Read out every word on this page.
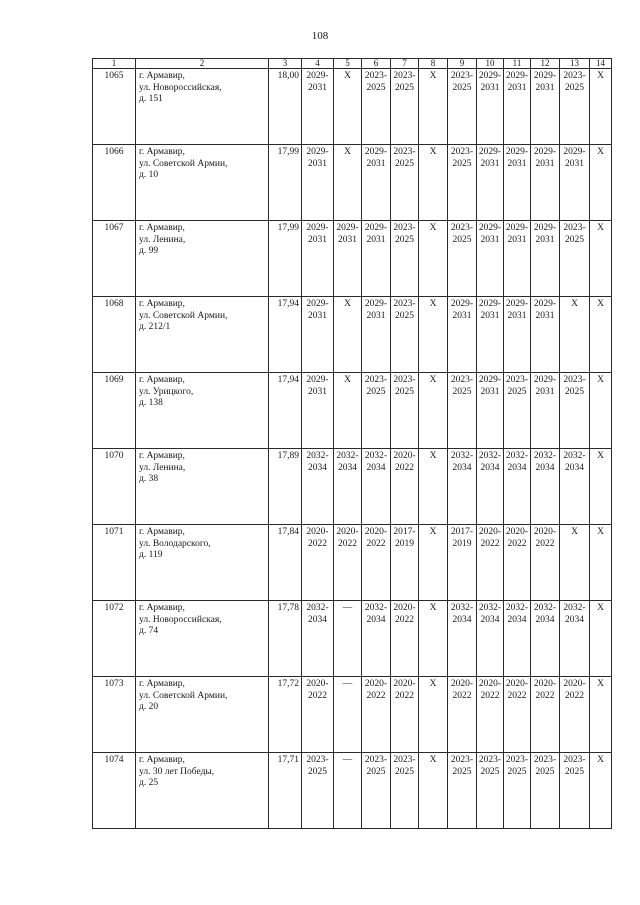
108
1	2	3	4	5	6	7	8	9	10	11	12	13	14
1065	г. Армавир,
ул. Новороссийская,
д. 151	18,00	2029-
2031	X	2023-
2025	2023-
2025	X	2023-
2025	2029-
2031	2029-
2031	2029-
2031	2023-
2025	X
1066	г. Армавир,
ул. Советской Армии,
д. 10	17,99	2029-
2031	X	2029-
2031	2023-
2025	X	2023-
2025	2029-
2031	2029-
2031	2029-
2031	2029-
2031	X
1067	г. Армавир,
ул. Ленина,
д. 99	17,99	2029-
2031	2029-
2031	2029-
2031	2023-
2025	X	2023-
2025	2029-
2031	2029-
2031	2029-
2031	2023-
2025	X
1068	г. Армавир,
ул. Советской Армии,
д. 212/1	17,94	2029-
2031	X	2029-
2031	2023-
2025	X	2029-
2031	2029-
2031	2029-
2031	2029-
2031	X	X
1069	г. Армавир,
ул. Урицкого,
д. 138	17,94	2029-
2031	X	2023-
2025	2023-
2025	X	2023-
2025	2029-
2031	2023-
2025	2029-
2031	2023-
2025	X
1070	г. Армавир,
ул. Ленина,
д. 38	17,89	2032-
2034	2032-
2034	2032-
2034	2020-
2022	X	2032-
2034	2032-
2034	2032-
2034	2032-
2034	2032-
2034	X
1071	г. Армавир,
ул. Володарского,
д. 119	17,84	2020-
2022	2020-
2022	2020-
2022	2017-
2019	X	2017-
2019	2020-
2022	2020-
2022	2020-
2022	X	X
1072	г. Армавир,
ул. Новороссийская,
д. 74	17,78	2032-
2034	—	2032-
2034	2020-
2022	X	2032-
2034	2032-
2034	2032-
2034	2032-
2034	2032-
2034	X
1073	г. Армавир,
ул. Советской Армии,
д. 20	17,72	2020-
2022	—	2020-
2022	2020-
2022	X	2020-
2022	2020-
2022	2020-
2022	2020-
2022	2020-
2022	X
1074	г. Армавир,
ул. 30 лет Победы,
д. 25	17,71	2023-
2025	—	2023-
2025	2023-
2025	X	2023-
2025	2023-
2025	2023-
2025	2023-
2025	2023-
2025	X
